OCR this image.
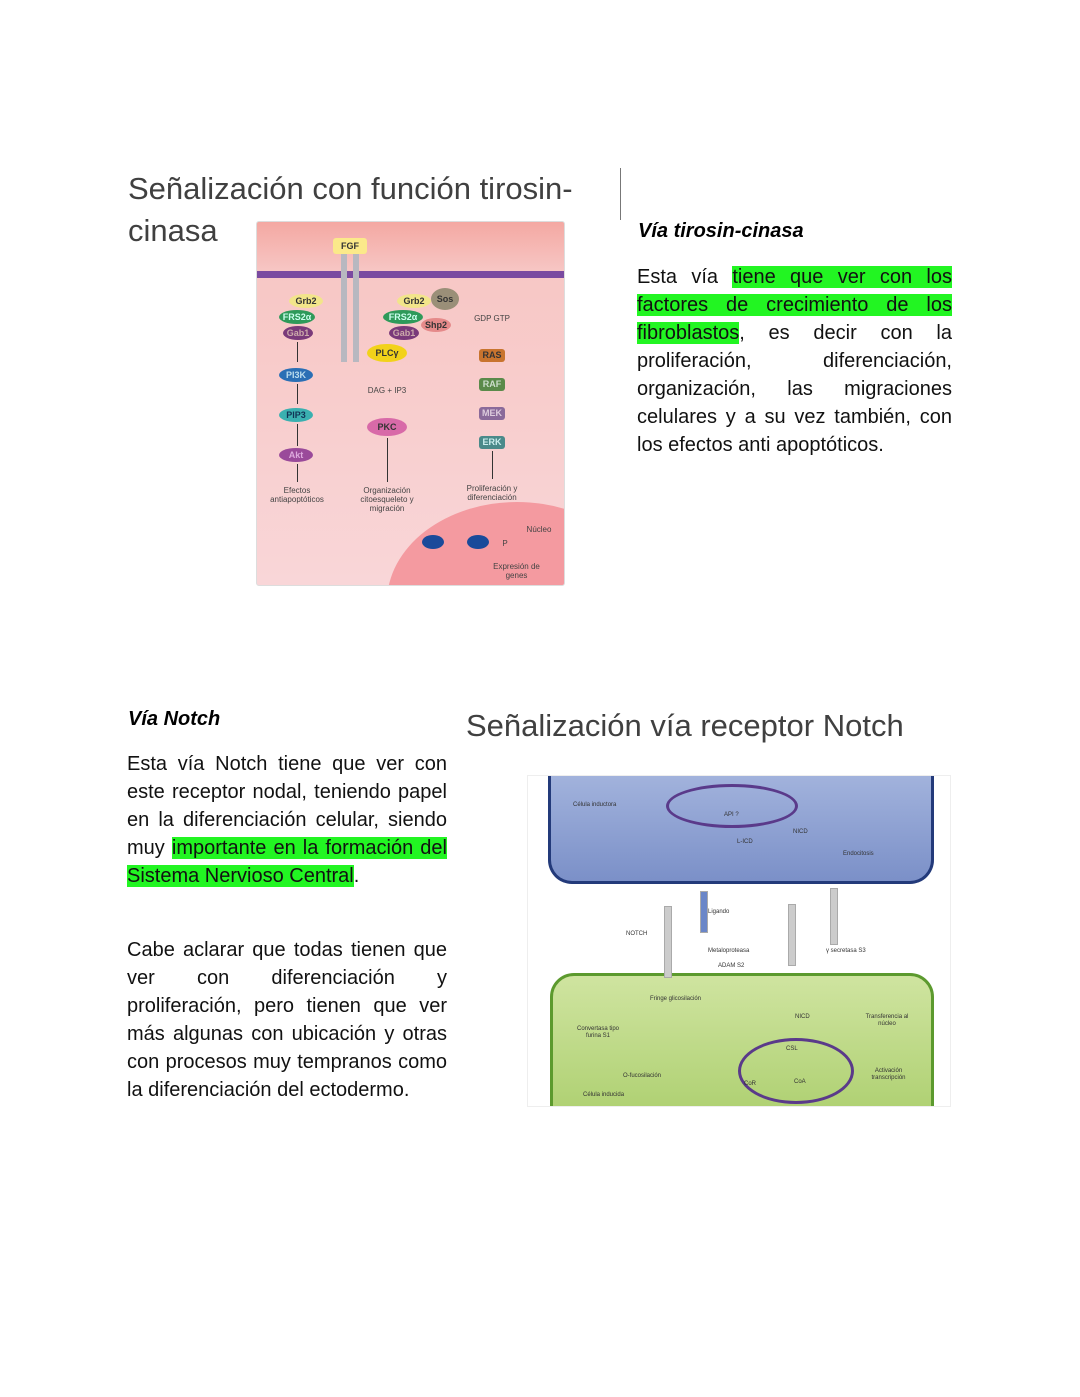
Señalización con función tirosin-cinasa	FGF
Grb2
FRS2α
Gab1
PI3K
PIP3
Akt
Efectos antiapoptóticos
Grb2	Sos
FRS2α
Shp2
Gab1
PLCγ
DAG + IP3
PKC
Organización citoesqueleto y migración
GDP GTP
RAS
RAF
MEK
ERK
Proliferación y diferenciación
Núcleo
P
Expresión de genes
Vía tirosin-cinasa

Esta vía tiene que ver con los factores de crecimiento de los fibroblastos, es decir con la proliferación, diferenciación, organización, las migraciones celulares y a su vez también, con los efectos anti apoptóticos.

Vía Notch

Esta vía Notch tiene que ver con este receptor nodal, teniendo papel en la diferenciación celular, siendo muy importante en la formación del Sistema Nervioso Central.

Cabe aclarar que todas tienen que ver con diferenciación y proliferación, pero tienen que ver más algunas con ubicación y otras con procesos muy tempranos como la diferenciación del ectodermo.

Señalización vía receptor Notch
Célula inductora
API ?
L-ICD
NICD
Endocitosis
Ligando
NOTCH
Metaloproteasa
ADAM S2
γ secretasa S3
Fringe glicosilación
NICD	Transferencia al núcleo
Convertasa tipo furina S1
CSL
O-fucosilación
CoR	CoA
Activación transcripción
Célula inducida
